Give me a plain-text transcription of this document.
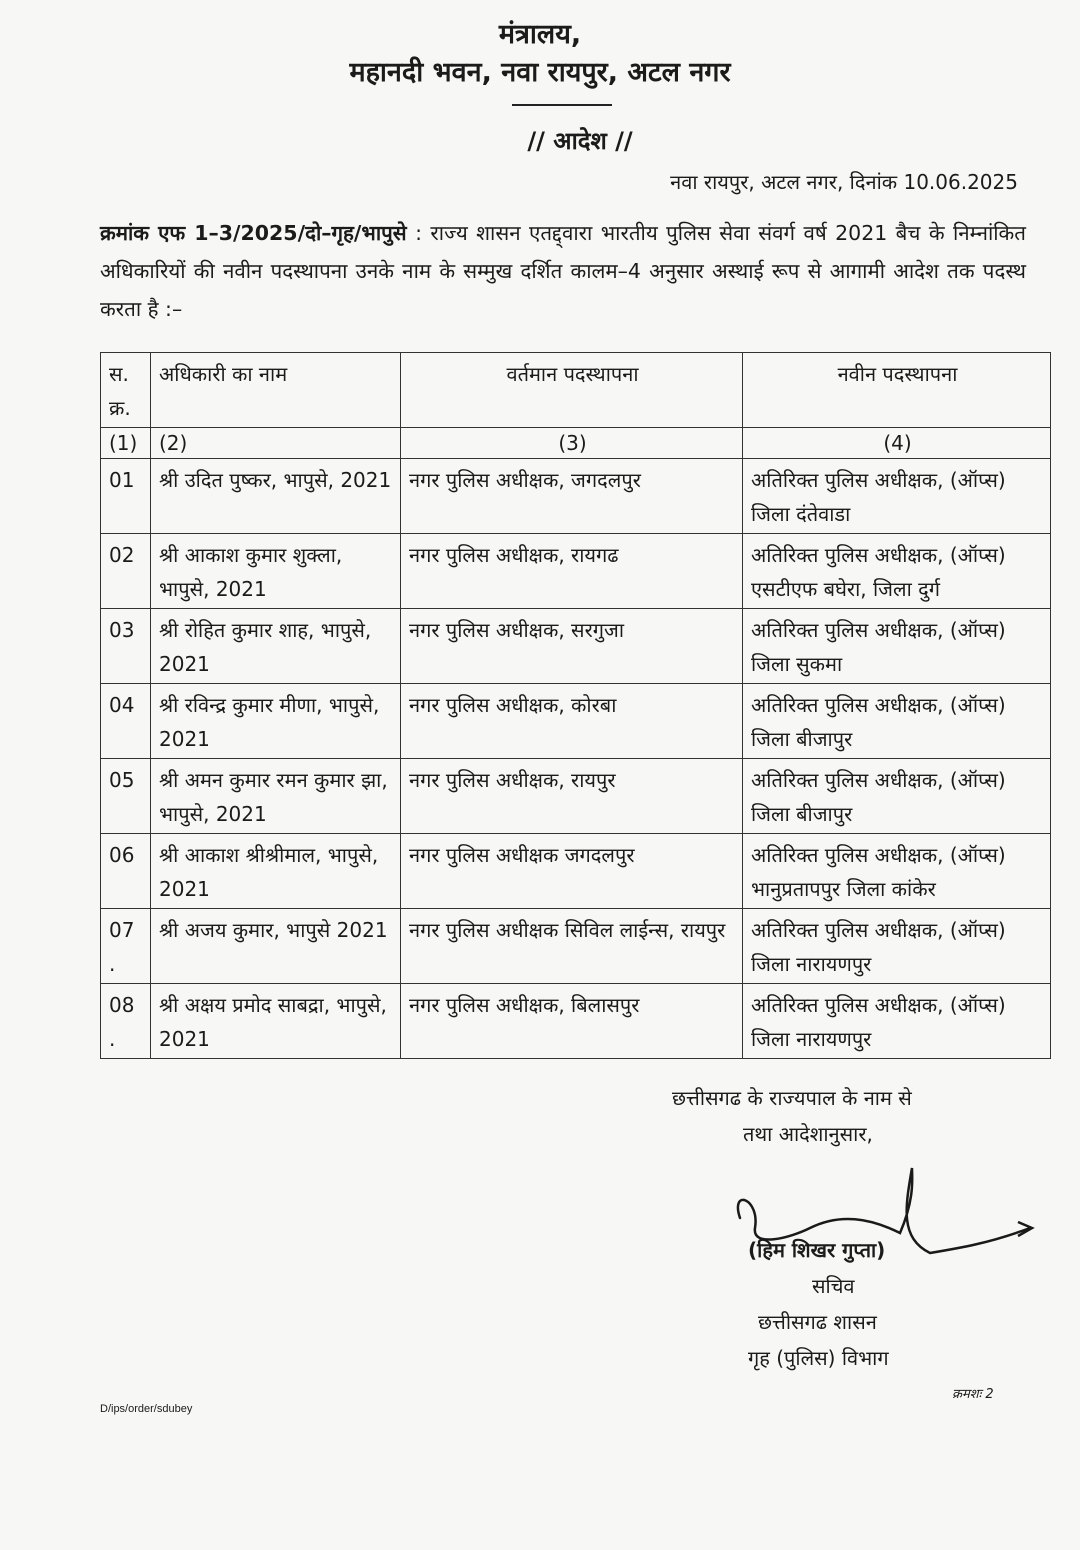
मंत्रालय,
महानदी भवन, नवा रायपुर, अटल नगर
// आदेश //
नवा रायपुर, अटल नगर, दिनांक 10.06.2025
क्रमांक एफ 1–3/2025/दो–गृह/भापुसे : राज्य शासन एतद्द्वारा भारतीय पुलिस सेवा संवर्ग वर्ष 2021 बैच के निम्नांकित अधिकारियों की नवीन पदस्थापना उनके नाम के सम्मुख दर्शित कालम–4 अनुसार अस्थाई रूप से आगामी आदेश तक पदस्थ करता है :–
स. क्र.	अधिकारी का नाम	वर्तमान पदस्थापना	नवीन पदस्थापना
(1)	(2)	(3)	(4)
01	श्री उदित पुष्कर, भापुसे, 2021	नगर पुलिस अधीक्षक, जगदलपुर	अतिरिक्त पुलिस अधीक्षक, (ऑप्स) जिला दंतेवाडा
02	श्री आकाश कुमार शुक्ला, भापुसे, 2021	नगर पुलिस अधीक्षक, रायगढ	अतिरिक्त पुलिस अधीक्षक, (ऑप्स) एसटीएफ बघेरा, जिला दुर्ग
03	श्री रोहित कुमार शाह, भापुसे, 2021	नगर पुलिस अधीक्षक, सरगुजा	अतिरिक्त पुलिस अधीक्षक, (ऑप्स) जिला सुकमा
04	श्री रविन्द्र कुमार मीणा, भापुसे, 2021	नगर पुलिस अधीक्षक, कोरबा	अतिरिक्त पुलिस अधीक्षक, (ऑप्स) जिला बीजापुर
05	श्री अमन कुमार रमन कुमार झा, भापुसे, 2021	नगर पुलिस अधीक्षक, रायपुर	अतिरिक्त पुलिस अधीक्षक, (ऑप्स) जिला बीजापुर
06	श्री आकाश श्रीश्रीमाल, भापुसे, 2021	नगर पुलिस अधीक्षक जगदलपुर	अतिरिक्त पुलिस अधीक्षक, (ऑप्स) भानुप्रतापपुर जिला कांकेर
07 .	श्री अजय कुमार, भापुसे 2021	नगर पुलिस अधीक्षक सिविल लाईन्स, रायपुर	अतिरिक्त पुलिस अधीक्षक, (ऑप्स) जिला नारायणपुर
08 .	श्री अक्षय प्रमोद साबद्रा, भापुसे, 2021	नगर पुलिस अधीक्षक, बिलासपुर	अतिरिक्त पुलिस अधीक्षक, (ऑप्स) जिला नारायणपुर
छत्तीसगढ के राज्यपाल के नाम से
तथा आदेशानुसार,
(हिम शिखर गुप्ता)
सचिव
छत्तीसगढ शासन
गृह (पुलिस) विभाग
क्रमशः 2
D/ips/order/sdubey
